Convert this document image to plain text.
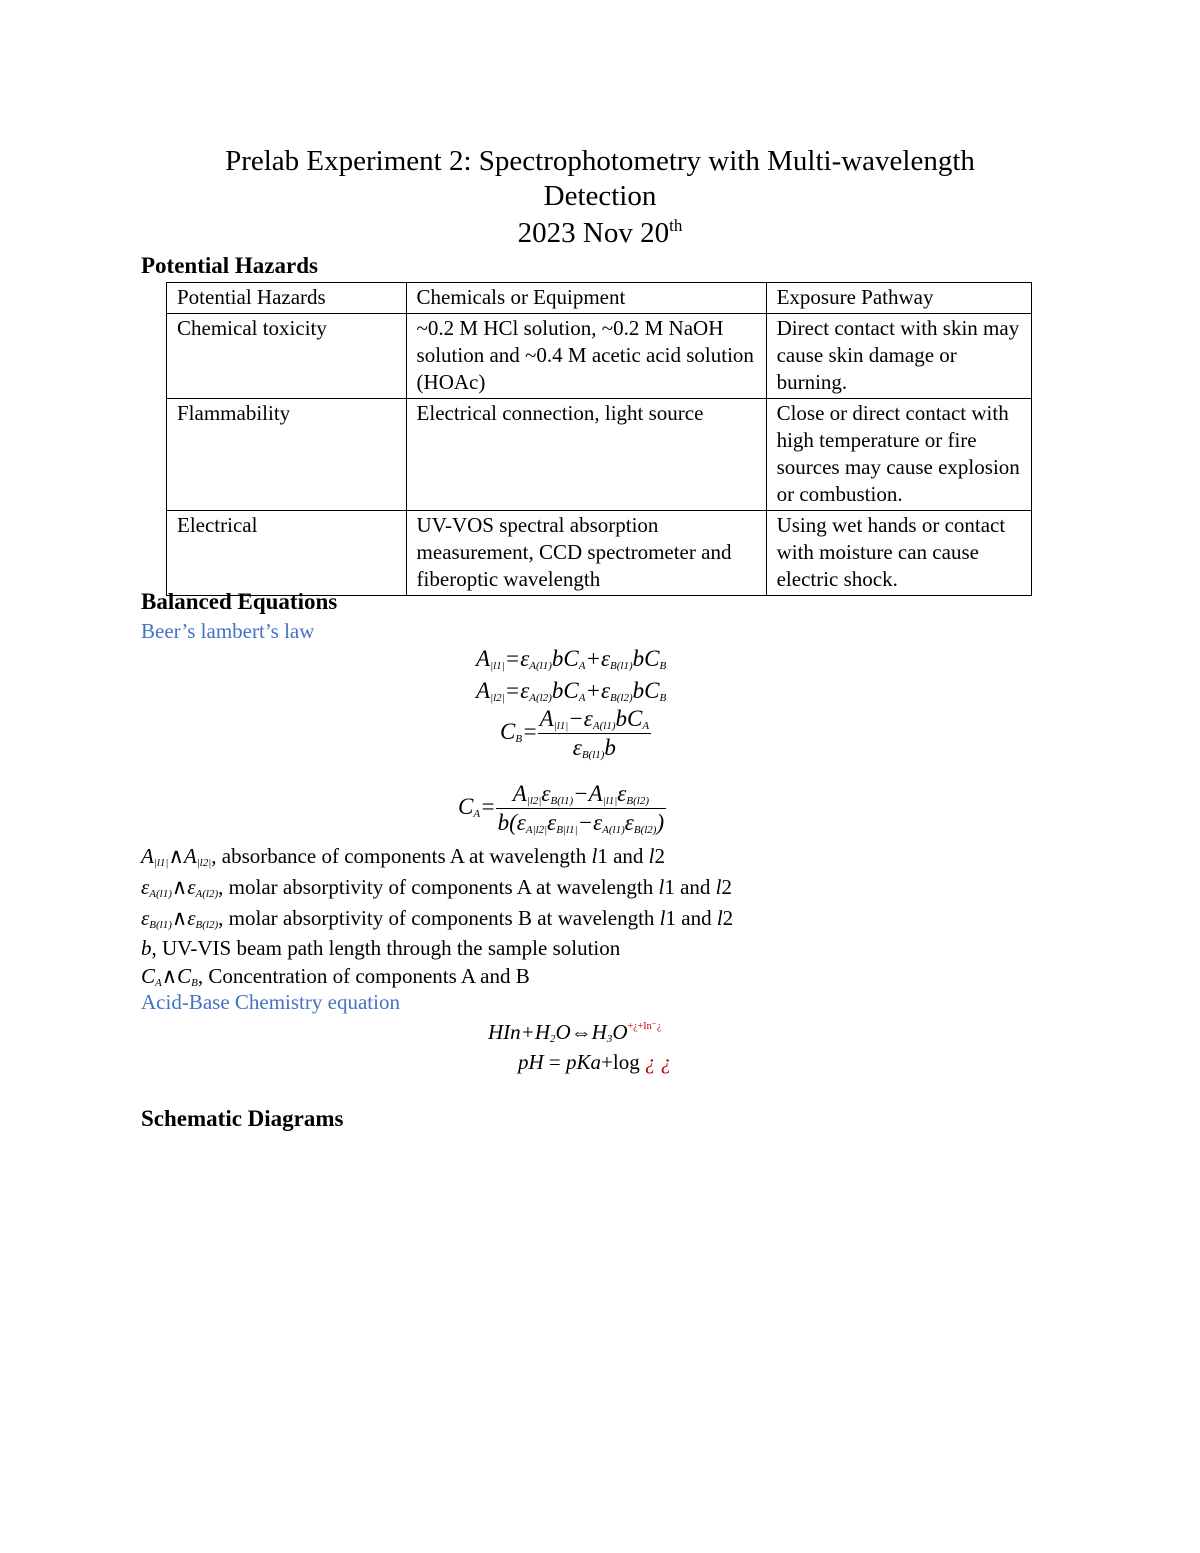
Prelab Experiment 2: Spectrophotometry with Multi-wavelength
Detection
2023 Nov 20th
Potential Hazards
Potential Hazards	Chemicals or Equipment	Exposure Pathway
Chemical toxicity	~0.2 M HCl solution, ~0.2 M NaOH solution and ~0.4 M acetic acid solution (HOAc)	Direct contact with skin may cause skin damage or burning.
Flammability	Electrical connection, light source	Close or direct contact with high temperature or fire sources may cause explosion or combustion.
Electrical	UV-VOS spectral absorption measurement, CCD spectrometer and fiberoptic wavelength	Using wet hands or contact with moisture can cause electric shock.
Balanced Equations
Beer’s lambert’s law
$A_{|l1|}=\varepsilon_{A(l1)}bC_A+\varepsilon_{B(l1)}bC_B$
$A_{|l2|}=\varepsilon_{A(l2)}bC_A+\varepsilon_{B(l2)}bC_B$
$C_B= \frac{A_{|l1|}-\varepsilon_{A(l1)}bC_A}{\varepsilon_{B(l1)}b}$
$C_A= \frac{A_{|l2|}\varepsilon_{B(l1)}-A_{|l1|}\varepsilon_{B(l2)}}{b(\varepsilon_{A|l2|}\varepsilon_{B|l1|}-\varepsilon_{A(l1)}\varepsilon_{B(l2)})}$
$A_{|l1|}\wedge A_{|l2|}$, absorbance of components A at wavelength l1 and l2
$\varepsilon_{A(l1)}\wedge\varepsilon_{A(l2)}$, molar absorptivity of components A at wavelength l1 and l2
$\varepsilon_{B(l1)}\wedge\varepsilon_{B(l2)}$, molar absorptivity of components B at wavelength l1 and l2
b, UV-VIS beam path length through the sample solution
$C_A\wedge C_B$, Concentration of components A and B
Acid-Base Chemistry equation
$HIn+H_2O\Leftrightarrow H_3O^{+¿+In^-¿}$
pH = pKa+log ¿ ¿
Schematic Diagrams
